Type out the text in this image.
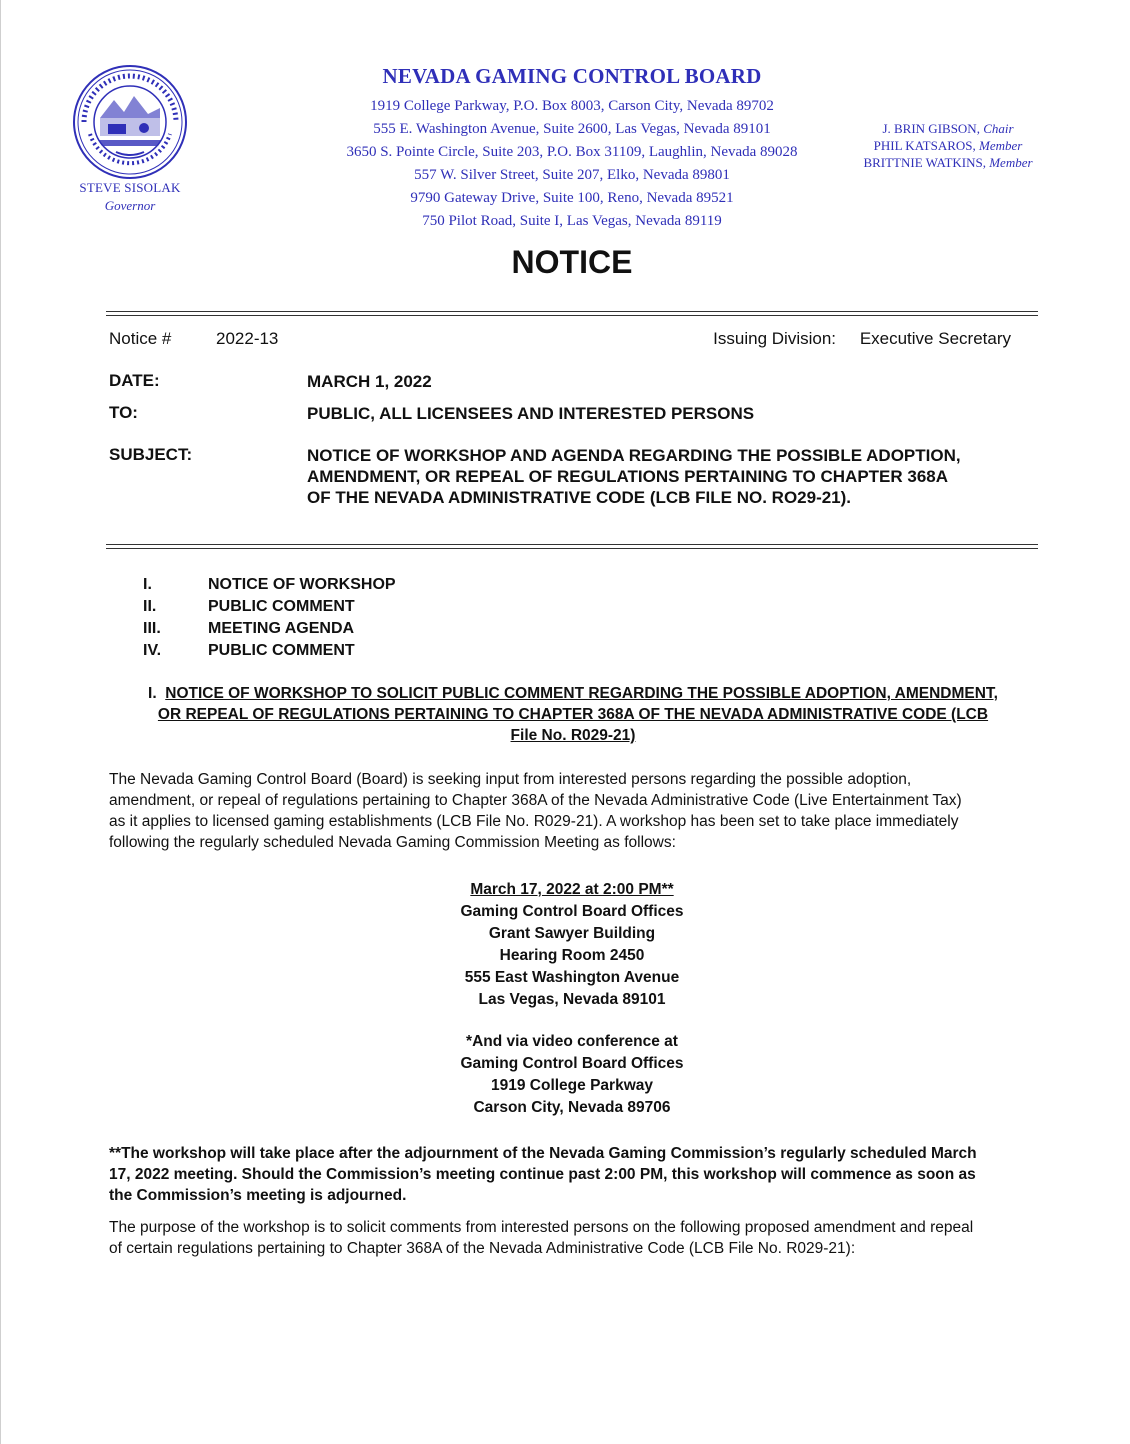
STEVE SISOLAK
Governor
NEVADA GAMING CONTROL BOARD
1919 College Parkway, P.O. Box 8003, Carson City, Nevada 89702
555 E. Washington Avenue, Suite 2600, Las Vegas, Nevada 89101
3650 S. Pointe Circle, Suite 203, P.O. Box 31109, Laughlin, Nevada 89028
557 W. Silver Street, Suite 207, Elko, Nevada 89801
9790 Gateway Drive, Suite 100, Reno, Nevada 89521
750 Pilot Road, Suite I, Las Vegas, Nevada 89119
J. BRIN GIBSON, Chair
PHIL KATSAROS, Member
BRITTNIE WATKINS, Member
NOTICE
Notice #	2022-13	Issuing Division: Executive Secretary
DATE:	MARCH 1, 2022
TO:	PUBLIC, ALL LICENSEES AND INTERESTED PERSONS
SUBJECT:	NOTICE OF WORKSHOP AND AGENDA REGARDING THE POSSIBLE ADOPTION,
AMENDMENT, OR REPEAL OF REGULATIONS PERTAINING TO CHAPTER 368A
OF THE NEVADA ADMINISTRATIVE CODE (LCB FILE NO. RO29-21).
I.	NOTICE OF WORKSHOP
II.	PUBLIC COMMENT
III.	MEETING AGENDA
IV.	PUBLIC COMMENT
I.  NOTICE OF WORKSHOP TO SOLICIT PUBLIC COMMENT REGARDING THE POSSIBLE ADOPTION, AMENDMENT,
OR REPEAL OF REGULATIONS PERTAINING TO CHAPTER 368A OF THE NEVADA ADMINISTRATIVE CODE (LCB
File No. R029-21)
The Nevada Gaming Control Board (Board) is seeking input from interested persons regarding the possible adoption,
amendment, or repeal of regulations pertaining to Chapter 368A of the Nevada Administrative Code (Live Entertainment Tax)
as it applies to licensed gaming establishments (LCB File No. R029-21). A workshop has been set to take place immediately
following the regularly scheduled Nevada Gaming Commission Meeting as follows:
March 17, 2022 at 2:00 PM**
Gaming Control Board Offices
Grant Sawyer Building
Hearing Room 2450
555 East Washington Avenue
Las Vegas, Nevada 89101
*And via video conference at
Gaming Control Board Offices
1919 College Parkway
Carson City, Nevada 89706
**The workshop will take place after the adjournment of the Nevada Gaming Commission’s regularly scheduled March
17, 2022 meeting. Should the Commission’s meeting continue past 2:00 PM, this workshop will commence as soon as
the Commission’s meeting is adjourned.
The purpose of the workshop is to solicit comments from interested persons on the following proposed amendment and repeal
of certain regulations pertaining to Chapter 368A of the Nevada Administrative Code (LCB File No. R029-21):
